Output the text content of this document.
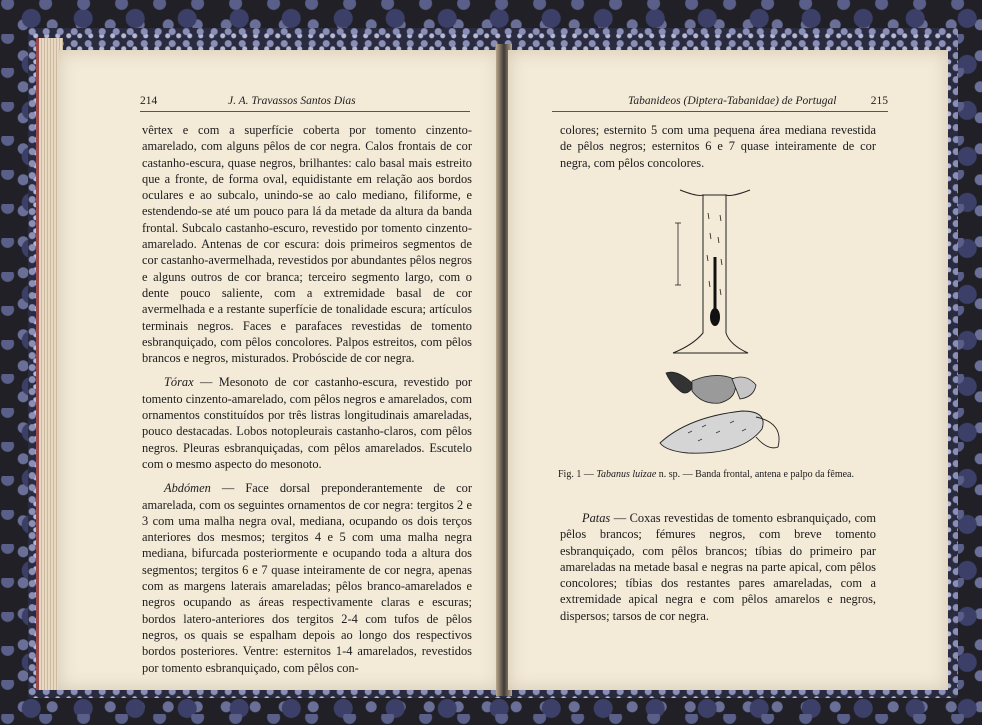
214	J. A. Travassos Santos Dias

vêrtex e com a superfície coberta por tomento cinzento-amarelado, com alguns pêlos de cor negra. Calos frontais de cor castanho-escura, quase negros, brilhantes: calo basal mais estreito que a fronte, de forma oval, equidistante em relação aos bordos oculares e ao subcalo, unindo-se ao calo mediano, filiforme, e estendendo-se até um pouco para lá da metade da altura da banda frontal. Subcalo castanho-escuro, revestido por tomento cinzento-amarelado. Antenas de cor escura: dois primeiros segmentos de cor castanho-avermelhada, revestidos por abundantes pêlos negros e alguns outros de cor branca; terceiro segmento largo, com o dente pouco saliente, com a extremidade basal de cor avermelhada e a restante superfície de tonalidade escura; artículos terminais negros. Faces e parafaces revestidas de tomento esbranquiçado, com pêlos concolores. Palpos estreitos, com pêlos brancos e negros, misturados. Probóscide de cor negra.

Tórax — Mesonoto de cor castanho-escura, revestido por tomento cinzento-amarelado, com pêlos negros e amarelados, com ornamentos constituídos por três listras longitudinais amareladas, pouco destacadas. Lobos notopleurais castanho-claros, com pêlos negros. Pleuras esbranquiçadas, com pêlos amarelados. Escutelo com o mesmo aspecto do mesonoto.

Abdómen — Face dorsal preponderantemente de cor amarelada, com os seguintes ornamentos de cor negra: tergitos 2 e 3 com uma malha negra oval, mediana, ocupando os dois terços anteriores dos mesmos; tergitos 4 e 5 com uma malha negra mediana, bifurcada posteriormente e ocupando toda a altura dos segmentos; tergitos 6 e 7 quase inteiramente de cor negra, apenas com as margens laterais amareladas; pêlos branco-amarelados e negros ocupando as áreas respectivamente claras e escuras; bordos latero-anteriores dos tergitos 2-4 com tufos de pêlos negros, os quais se espalham depois ao longo dos respectivos bordos posteriores. Ventre: esternitos 1-4 amarelados, revestidos por tomento esbranquiçado, com pêlos con-

Tabanideos (Diptera-Tabanidae) de Portugal	215

colores; esternito 5 com uma pequena área mediana revestida de pêlos negros; esternitos 6 e 7 quase inteiramente de cor negra, com pêlos concolores.

Fig. 1 — Tabanus luizae n. sp. — Banda frontal, antena e palpo da fêmea.

Patas — Coxas revestidas de tomento esbranquiçado, com pêlos brancos; fémures negros, com breve tomento esbranquiçado, com pêlos brancos; tíbias do primeiro par amareladas na metade basal e negras na parte apical, com pêlos concolores; tíbias dos restantes pares amareladas, com a extremidade apical negra e com pêlos amarelos e negros, dispersos; tarsos de cor negra.
